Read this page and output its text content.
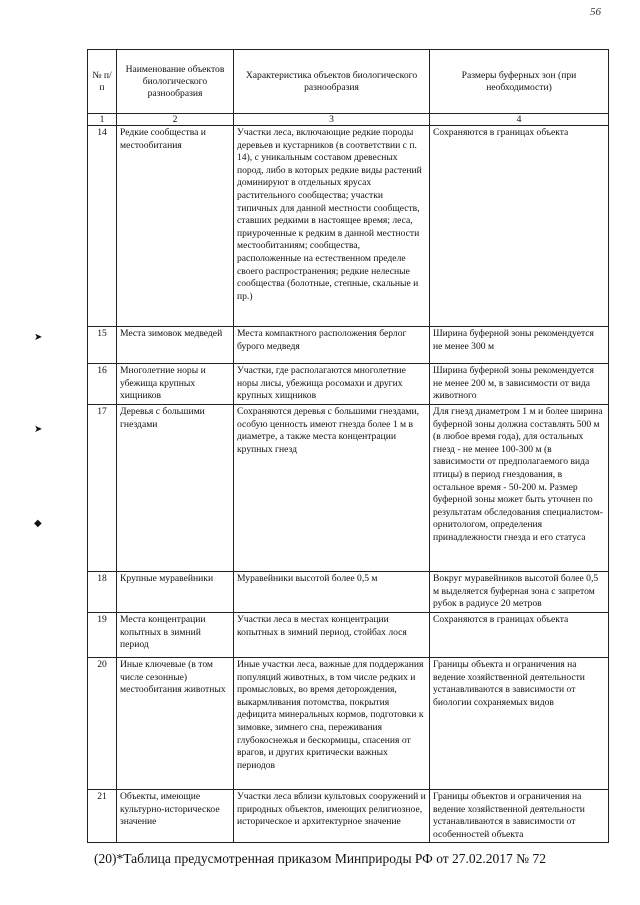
56
➤
➤
◆
№ п/п	Наименование объектов биологического разнообразия	Характеристика объектов биологического разнообразия	Размеры буферных зон (при необходимости)
1	2	3	4
14	Редкие сообщества и местообитания	Участки леса, включающие редкие породы деревьев и кустарников (в соответствии с п. 14), с уникальным составом древесных пород, либо в которых редкие виды растений доминируют в отдельных ярусах растительного сообщества; участки типичных для данной местности сообществ, ставших редкими в настоящее время; леса, приуроченные к редким в данной местности местообитаниям; сообщества, расположенные на естественном пределе своего распространения; редкие нелесные сообщества (болотные, степные, скальные и пр.)	Сохраняются в границах объекта
15	Места зимовок медведей	Места компактного расположения берлог бурого медведя	Ширина буферной зоны рекомендуется не менее 300 м
16	Многолетние норы и убежища крупных хищников	Участки, где располагаются многолетние норы лисы, убежища росомахи и других крупных хищников	Ширина буферной зоны рекомендуется не менее 200 м, в зависимости от вида животного
17	Деревья с большими гнездами	Сохраняются деревья с большими гнездами, особую ценность имеют гнезда более 1 м в диаметре, а также места концентрации крупных гнезд	Для гнезд диаметром 1 м и более ширина буферной зоны должна составлять 500 м (в любое время года), для остальных гнезд - не менее 100-300 м (в зависимости от предполагаемого вида птицы) в период гнездования, в остальное время - 50-200 м. Размер буферной зоны может быть уточнен по результатам обследования специалистом- орнитологом, определения принадлежности гнезда и его статуса
18	Крупные муравейники	Муравейники высотой более 0,5 м	Вокруг муравейников высотой более 0,5 м выделяется буферная зона с запретом рубок в радиусе 20 метров
19	Места концентрации копытных в зимний период	Участки леса в местах концентрации копытных в зимний период, стойбах лося	Сохраняются в границах объекта
20	Иные ключевые (в том числе сезонные) местообитания животных	Иные участки леса, важные для поддержания популяций животных, в том числе редких и промысловых, во время деторождения, выкармливания потомства, покрытия дефицита минеральных кормов, подготовки к зимовке, зимнего сна, переживания глубокоснежья и бескормицы, спасения от врагов, и других критически важных периодов	Границы объекта и ограничения на ведение хозяйственной деятельности устанавливаются в зависимости от биологии сохраняемых видов
21	Объекты, имеющие культурно-историческое значение	Участки леса вблизи культовых сооружений и природных объектов, имеющих религиозное, историческое и архитектурное значение	Границы объектов и ограничения на ведение хозяйственной деятельности устанавливаются в зависимости от особенностей объекта
(20)*Таблица предусмотренная приказом Минприроды РФ от 27.02.2017 № 72
